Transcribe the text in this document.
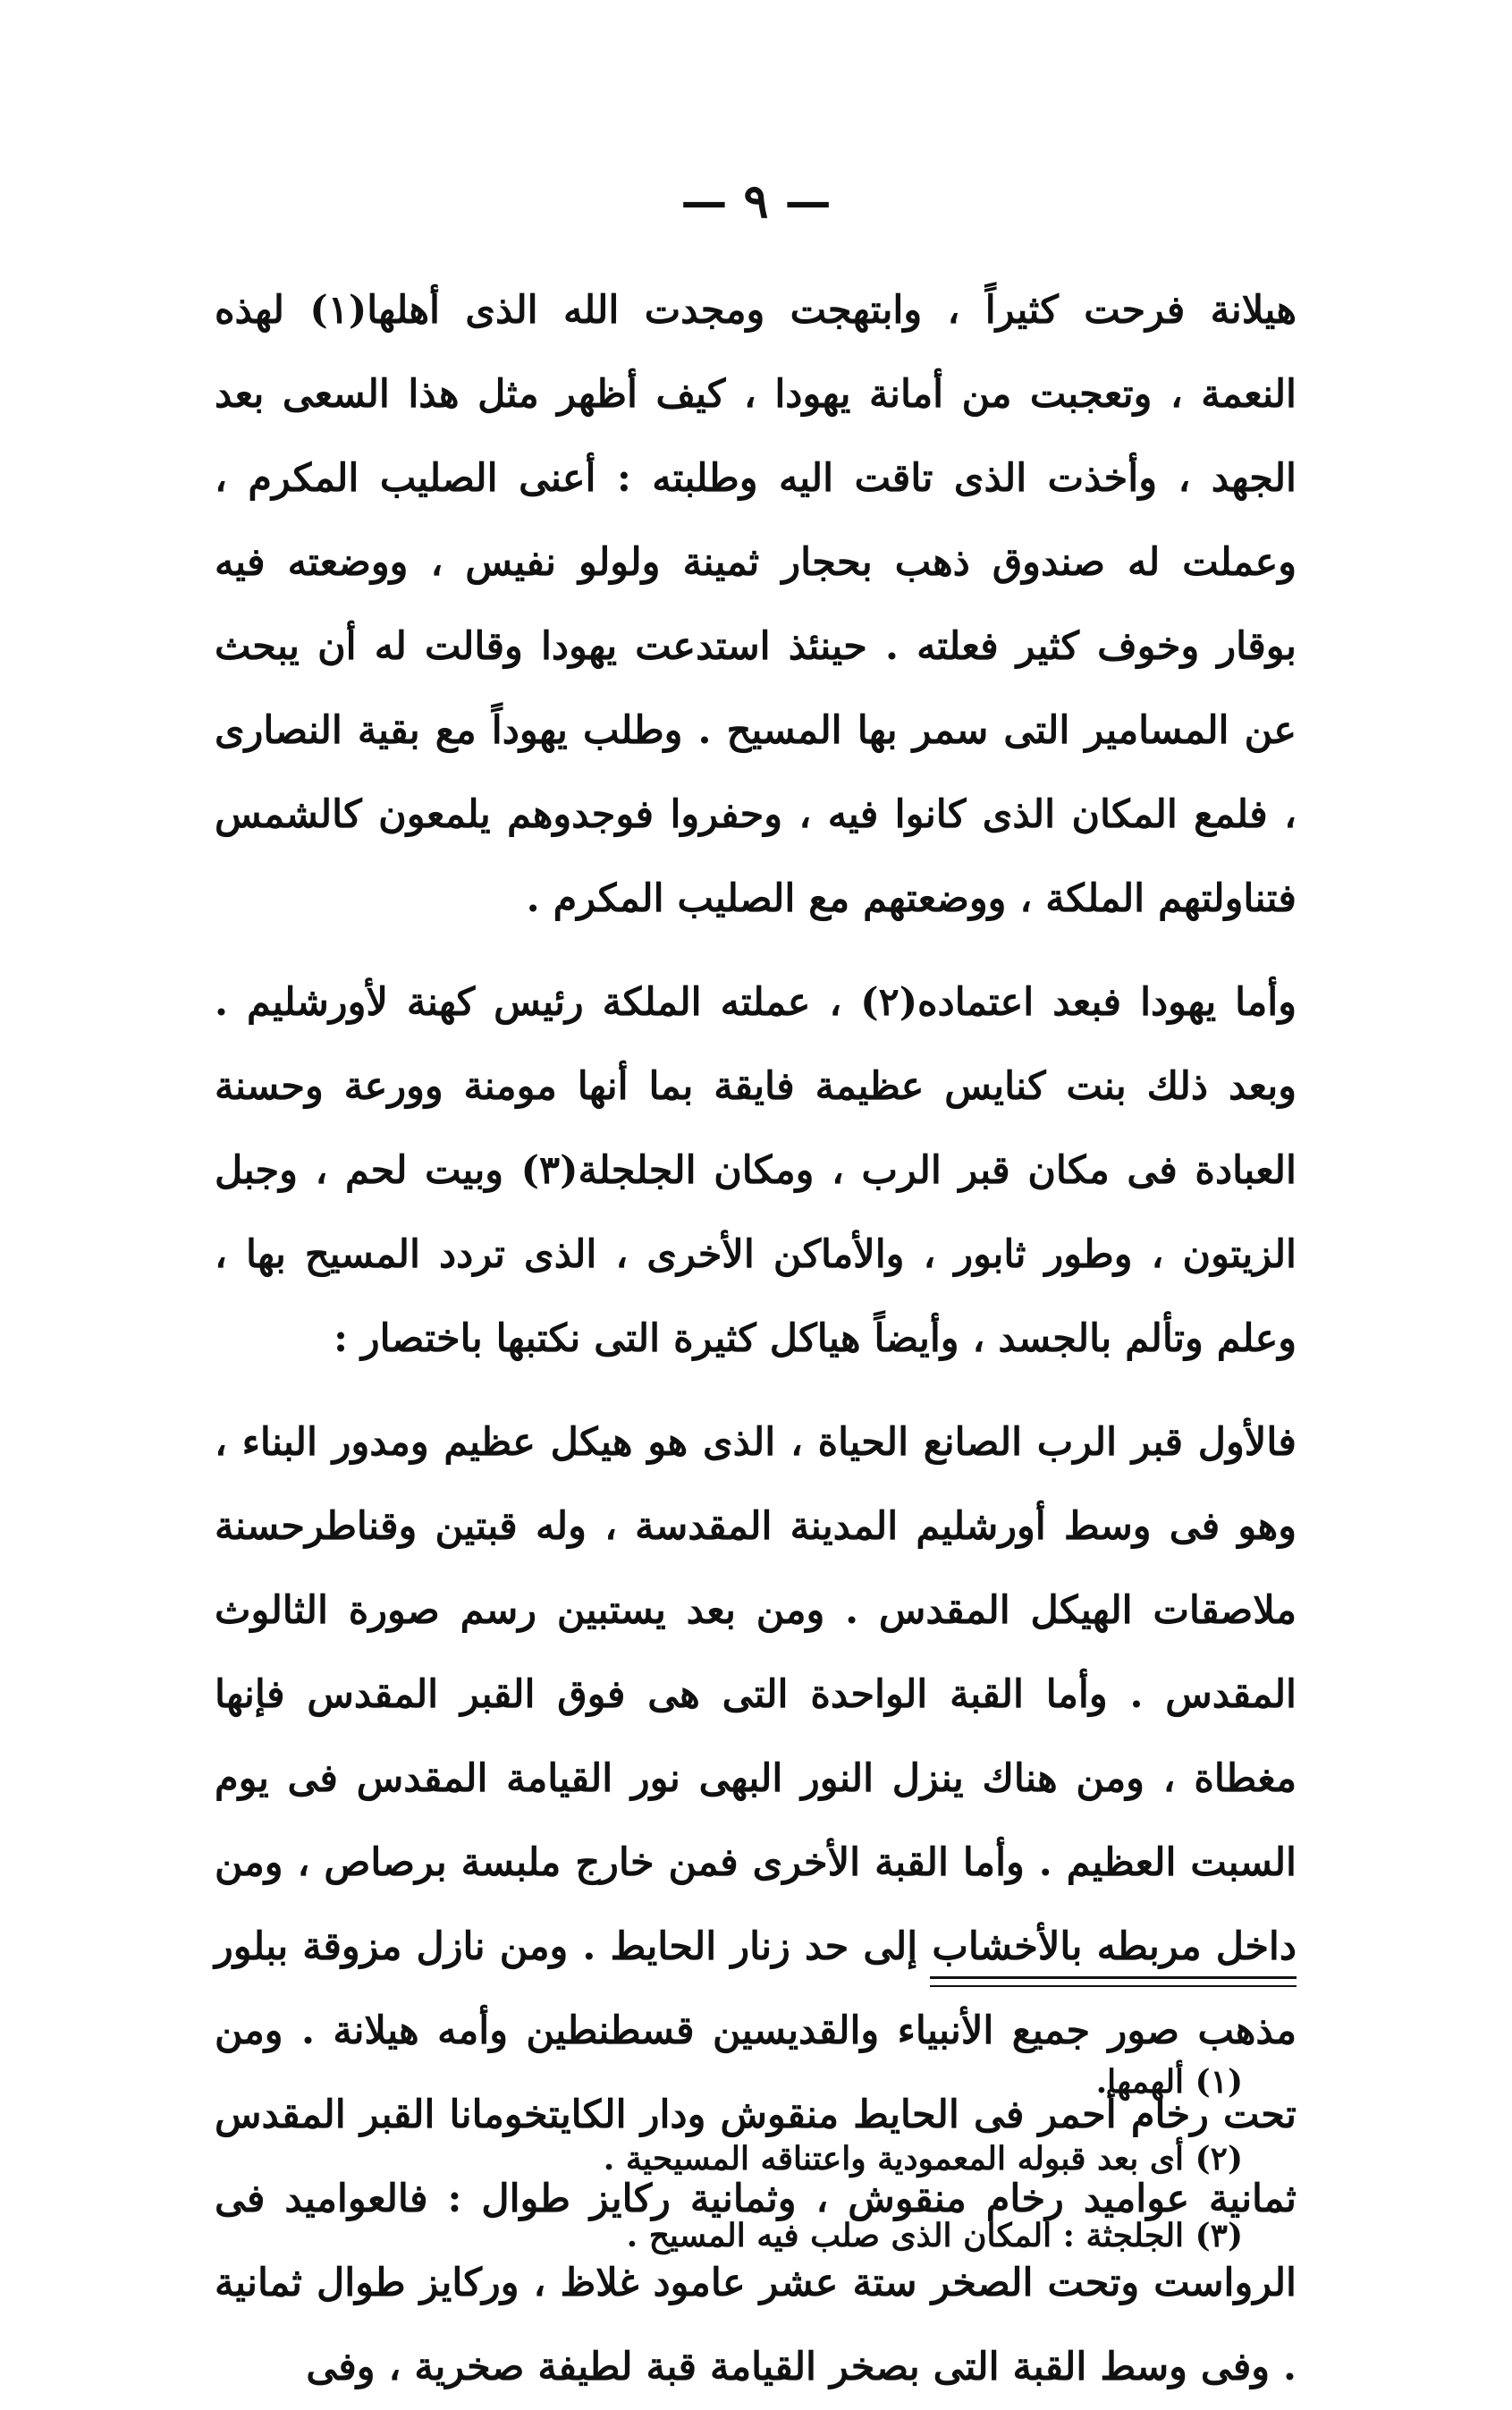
— ٩ —

هيلانة فرحت كثيراً ، وابتهجت ومجدت الله الذى أهلها(١) لهذه النعمة ، وتعجبت من أمانة يهودا ، كيف أظهر مثل هذا السعى بعد الجهد ، وأخذت الذى تاقت اليه وطلبته : أعنى الصليب المكرم ، وعملت له صندوق ذهب بحجار ثمينة ولولو نفيس ، ووضعته فيه بوقار وخوف كثير فعلته . حينئذ استدعت يهودا وقالت له أن يبحث عن المسامير التى سمر بها المسيح . وطلب يهوداً مع بقية النصارى ، فلمع المكان الذى كانوا فيه ، وحفروا فوجدوهم يلمعون كالشمس فتناولتهم الملكة ، ووضعتهم مع الصليب المكرم .

وأما يهودا فبعد اعتماده(٢) ، عملته الملكة رئيس كهنة لأورشليم . وبعد ذلك بنت كنايس عظيمة فايقة بما أنها مومنة وورعة وحسنة العبادة فى مكان قبر الرب ، ومكان الجلجلة(٣) وبيت لحم ، وجبل الزيتون ، وطور ثابور ، والأماكن الأخرى ، الذى تردد المسيح بها ، وعلم وتألم بالجسد ، وأيضاً هياكل كثيرة التى نكتبها باختصار :

فالأول قبر الرب الصانع الحياة ، الذى هو هيكل عظيم ومدور البناء ، وهو فى وسط أورشليم المدينة المقدسة ، وله قبتين وقناطرحسنة ملاصقات الهيكل المقدس . ومن بعد يستبين رسم صورة الثالوث المقدس . وأما القبة الواحدة التى هى فوق القبر المقدس فإنها مغطاة ، ومن هناك ينزل النور البهى نور القيامة المقدس فى يوم السبت العظيم . وأما القبة الأخرى فمن خارج ملبسة برصاص ، ومن داخل مربطه بالأخشاب إلى حد زنار الحايط . ومن نازل مزوقة ببلور مذهب صور جميع الأنبياء والقديسين قسطنطين وأمه هيلانة . ومن تحت رخام أحمر فى الحايط منقوش ودار الكايتخومانا القبر المقدس ثمانية عواميد رخام منقوش ، وثمانية ركايز طوال : فالعواميد فى الرواست وتحت الصخر ستة عشر عامود غلاظ ، وركايز طوال ثمانية . وفى وسط القبة التى بصخر القيامة قبة لطيفة صخرية ، وفى

(١) ألهمها.
(٢) أى بعد قبوله المعمودية واعتناقه المسيحية .
(٣) الجلجثة : المكان الذى صلب فيه المسيح .
